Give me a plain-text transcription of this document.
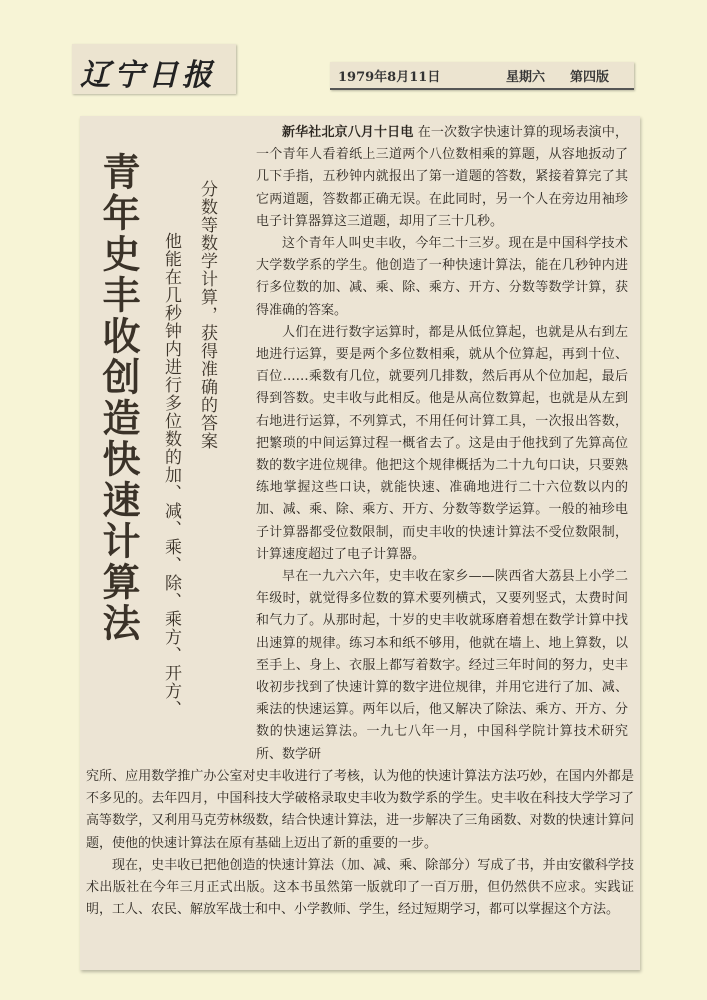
辽宁日报	1979年8月11日	星期六 第四版
青年史丰收创造快速计算法	分数等数学计算，获得准确的答案
他能在几秒钟内进行多位数的加、减、乘、除、乘方、开方、

新华社北京八月十日电 在一次数字快速计算的现场表演中，一个青年人看着纸上三道两个八位数相乘的算题，从容地扳动了几下手指，五秒钟内就报出了第一道题的答数，紧接着算完了其它两道题，答数都正确无误。在此同时，另一个人在旁边用袖珍电子计算器算这三道题，却用了三十几秒。

这个青年人叫史丰收，今年二十三岁。现在是中国科学技术大学数学系的学生。他创造了一种快速计算法，能在几秒钟内进行多位数的加、减、乘、除、乘方、开方、分数等数学计算，获得准确的答案。

人们在进行数字运算时，都是从低位算起，也就是从右到左地进行运算，要是两个多位数相乘，就从个位算起，再到十位、百位……乘数有几位，就要列几排数，然后再从个位加起，最后得到答数。史丰收与此相反。他是从高位数算起，也就是从左到右地进行运算，不列算式，不用任何计算工具，一次报出答数，把繁琐的中间运算过程一概省去了。这是由于他找到了先算高位数的数字进位规律。他把这个规律概括为二十九句口诀，只要熟练地掌握这些口诀，就能快速、准确地进行二十六位数以内的加、减、乘、除、乘方、开方、分数等数学运算。一般的袖珍电子计算器都受位数限制，而史丰收的快速计算法不受位数限制，计算速度超过了电子计算器。

早在一九六六年，史丰收在家乡——陕西省大荔县上小学二年级时，就觉得多位数的算术要列横式，又要列竖式，太费时间和气力了。从那时起，十岁的史丰收就琢磨着想在数学计算中找出速算的规律。练习本和纸不够用，他就在墙上、地上算数，以至手上、身上、衣服上都写着数字。经过三年时间的努力，史丰收初步找到了快速计算的数字进位规律，并用它进行了加、减、乘法的快速运算。两年以后，他又解决了除法、乘方、开方、分数的快速运算法。一九七八年一月，中国科学院计算技术研究所、数学研

究所、应用数学推广办公室对史丰收进行了考核，认为他的快速计算法方法巧妙，在国内外都是不多见的。去年四月，中国科技大学破格录取史丰收为数学系的学生。史丰收在科技大学学习了高等数学，又利用马克劳林级数，结合快速计算法，进一步解决了三角函数、对数的快速计算问题，使他的快速计算法在原有基础上迈出了新的重要的一步。

现在，史丰收已把他创造的快速计算法（加、减、乘、除部分）写成了书，并由安徽科学技术出版社在今年三月正式出版。这本书虽然第一版就印了一百万册，但仍然供不应求。实践证明，工人、农民、解放军战士和中、小学教师、学生，经过短期学习，都可以掌握这个方法。
